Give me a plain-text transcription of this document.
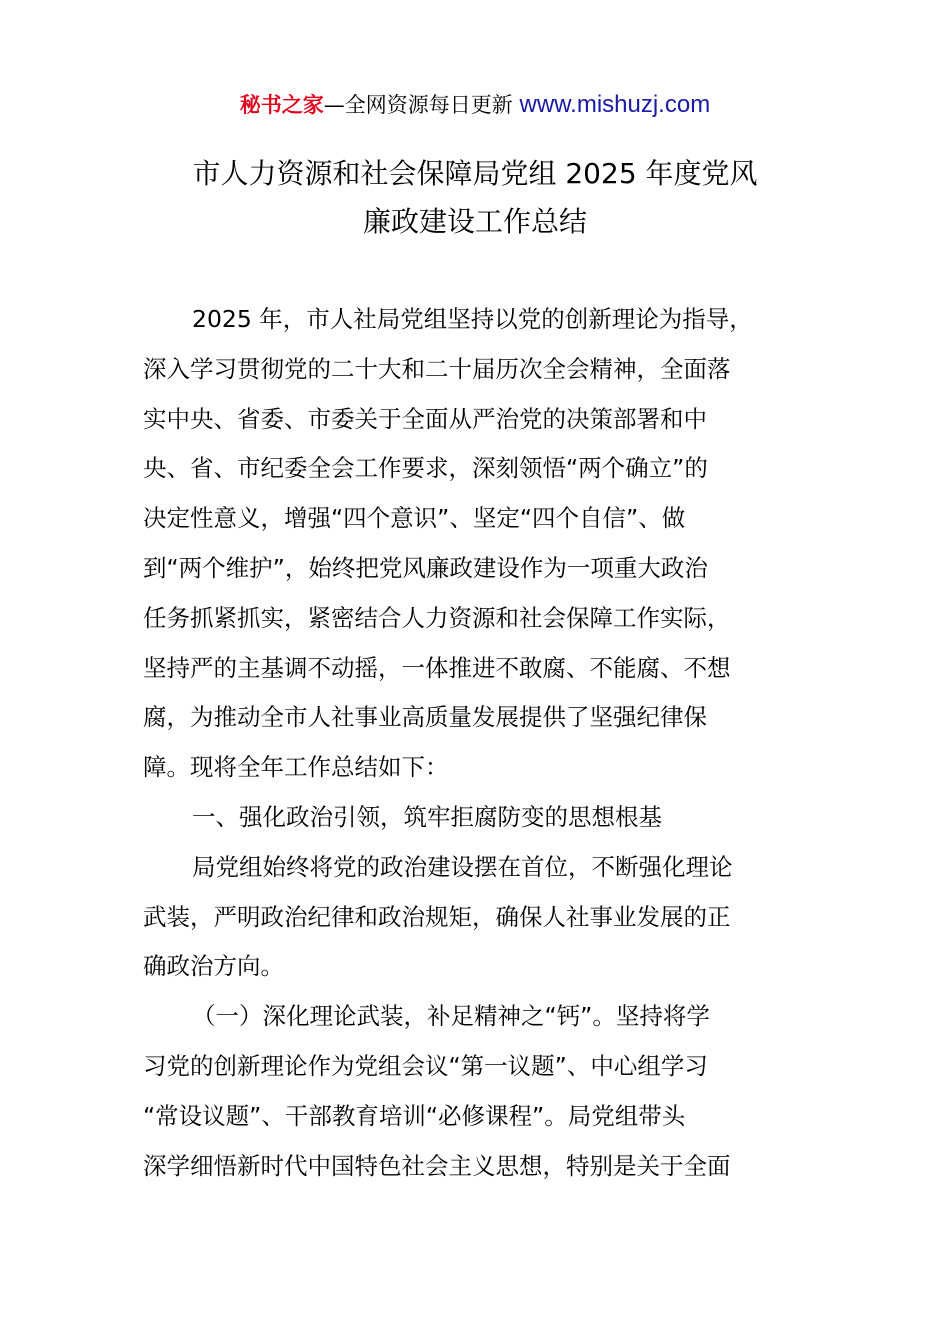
秘书之家—全网资源每日更新 www.mishuzj.com
市人力资源和社会保障局党组 2025 年度党风
廉政建设工作总结
2025 年，市人社局党组坚持以党的创新理论为指导，
深入学习贯彻党的二十大和二十届历次全会精神，全面落
实中央、省委、市委关于全面从严治党的决策部署和中
央、省、市纪委全会工作要求，深刻领悟“两个确立”的
决定性意义，增强“四个意识”、坚定“四个自信”、做
到“两个维护”，始终把党风廉政建设作为一项重大政治
任务抓紧抓实，紧密结合人力资源和社会保障工作实际，
坚持严的主基调不动摇，一体推进不敢腐、不能腐、不想
腐，为推动全市人社事业高质量发展提供了坚强纪律保
障。现将全年工作总结如下：
一、强化政治引领，筑牢拒腐防变的思想根基
局党组始终将党的政治建设摆在首位，不断强化理论
武装，严明政治纪律和政治规矩，确保人社事业发展的正
确政治方向。
（一）深化理论武装，补足精神之“钙”。坚持将学
习党的创新理论作为党组会议“第一议题”、中心组学习
“常设议题”、干部教育培训“必修课程”。局党组带头
深学细悟新时代中国特色社会主义思想，特别是关于全面
